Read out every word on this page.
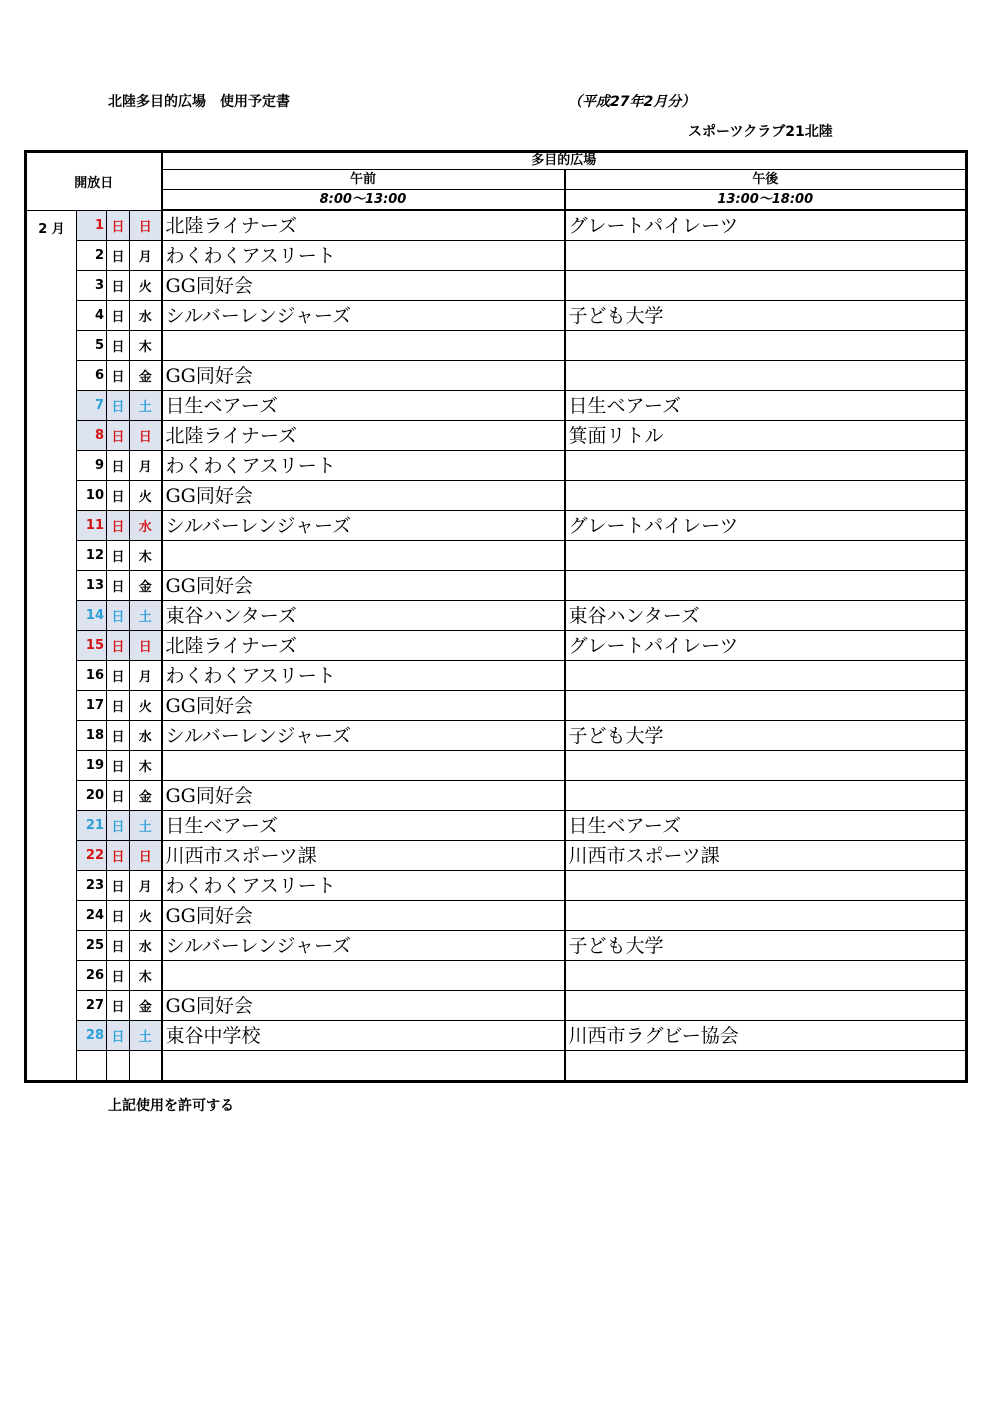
北陸多目的広場　使用予定書	（平成27年2月分）
スポーツクラブ21北陸
開放日				多目的広場	
				午前	午後
				8:00～13:00	13:00～18:00
2 月	1	日	日	北陸ライナーズ	グレートパイレーツ
	2	日	月	わくわくアスリート	
	3	日	火	GG同好会	
	4	日	水	シルバーレンジャーズ	子ども大学
	5	日	木		
	6	日	金	GG同好会	
	7	日	土	日生ベアーズ	日生ベアーズ
	8	日	日	北陸ライナーズ	箕面リトル
	9	日	月	わくわくアスリート	
	10	日	火	GG同好会	
	11	日	水	シルバーレンジャーズ	グレートパイレーツ
	12	日	木		
	13	日	金	GG同好会	
	14	日	土	東谷ハンターズ	東谷ハンターズ
	15	日	日	北陸ライナーズ	グレートパイレーツ
	16	日	月	わくわくアスリート	
	17	日	火	GG同好会	
	18	日	水	シルバーレンジャーズ	子ども大学
	19	日	木		
	20	日	金	GG同好会	
	21	日	土	日生ベアーズ	日生ベアーズ
	22	日	日	川西市スポーツ課	川西市スポーツ課
	23	日	月	わくわくアスリート	
	24	日	火	GG同好会	
	25	日	水	シルバーレンジャーズ	子ども大学
	26	日	木		
	27	日	金	GG同好会	
	28	日	土	東谷中学校	川西市ラグビー協会

上記使用を許可する
